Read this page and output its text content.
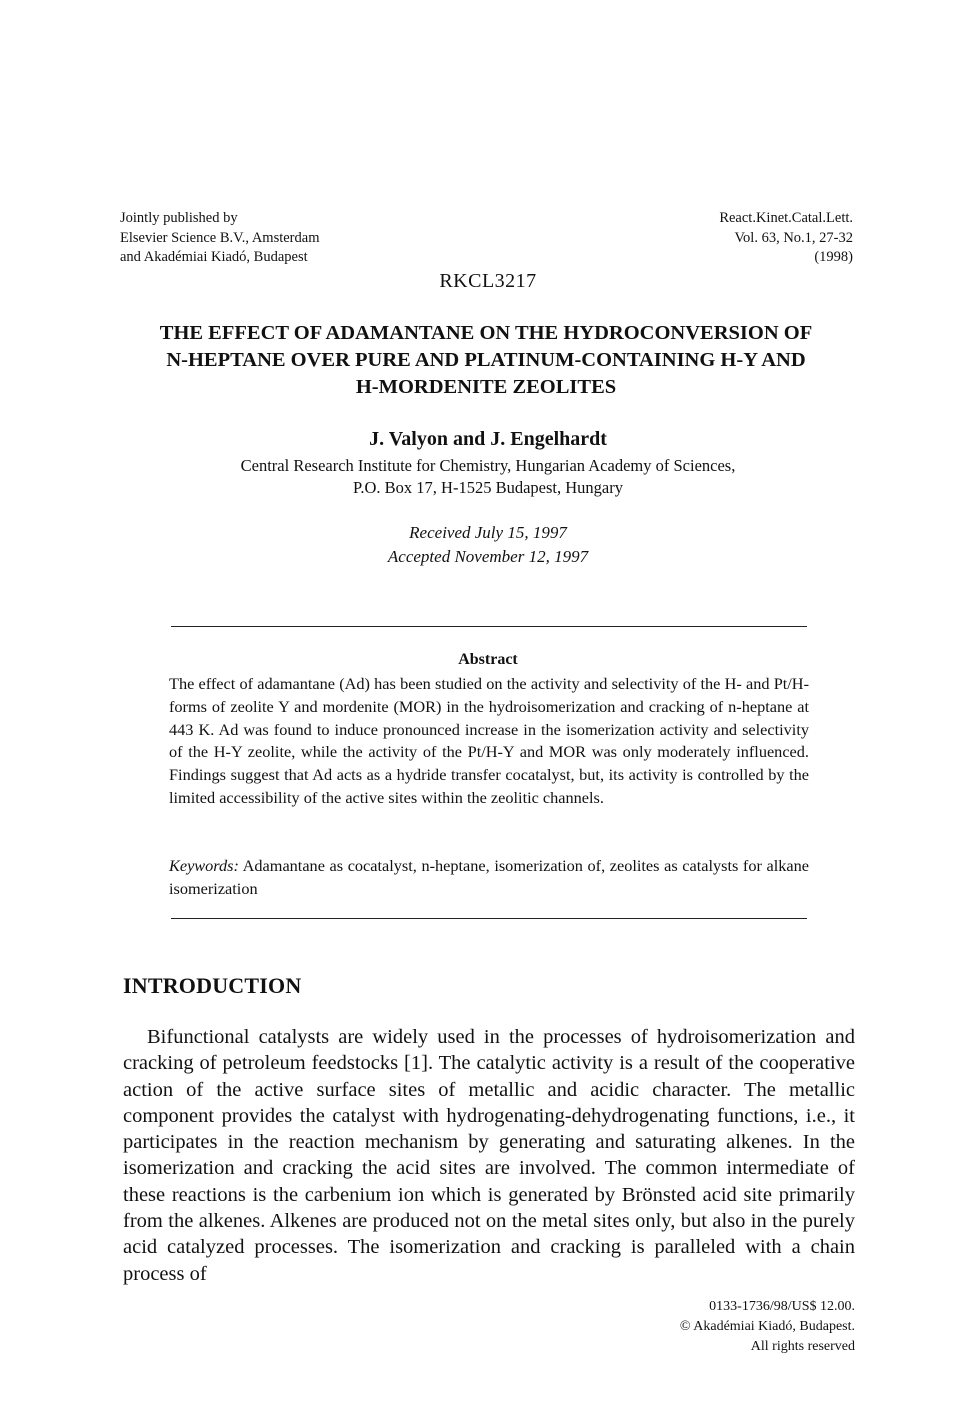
Jointly published by
Elsevier Science B.V., Amsterdam
and Akadémiai Kiadó, Budapest
React.Kinet.Catal.Lett.
Vol. 63, No.1, 27-32
(1998)
RKCL3217
THE EFFECT OF ADAMANTANE ON THE HYDROCONVERSION OF
N-HEPTANE OVER PURE AND PLATINUM-CONTAINING H-Y AND
H-MORDENITE ZEOLITES
J. Valyon and J. Engelhardt
Central Research Institute for Chemistry, Hungarian Academy of Sciences,
P.O. Box 17, H-1525 Budapest, Hungary
Received July 15, 1997
Accepted November 12, 1997
Abstract
The effect of adamantane (Ad) has been studied on the activity and selectivity of the H- and Pt/H-forms of zeolite Y and mordenite (MOR) in the hydroisomerization and cracking of n-heptane at 443 K. Ad was found to induce pronounced increase in the isomerization activity and selectivity of the H-Y zeolite, while the activity of the Pt/H-Y and MOR was only moderately influenced. Findings suggest that Ad acts as a hydride transfer cocatalyst, but, its activity is controlled by the limited accessibility of the active sites within the zeolitic channels.
Keywords: Adamantane as cocatalyst, n-heptane, isomerization of, zeolites as catalysts for alkane isomerization
INTRODUCTION
Bifunctional catalysts are widely used in the processes of hydroisomerization and cracking of petroleum feedstocks [1]. The catalytic activity is a result of the cooperative action of the active surface sites of metallic and acidic character. The metallic component provides the catalyst with hydrogenating-dehydrogenating functions, i.e., it participates in the reaction mechanism by generating and saturating alkenes. In the isomerization and cracking the acid sites are involved. The common intermediate of these reactions is the carbenium ion which is generated by Brönsted acid site primarily from the alkenes. Alkenes are produced not on the metal sites only, but also in the purely acid catalyzed processes. The isomerization and cracking is paralleled with a chain process of
0133-1736/98/US$ 12.00.
© Akadémiai Kiadó, Budapest.
All rights reserved
